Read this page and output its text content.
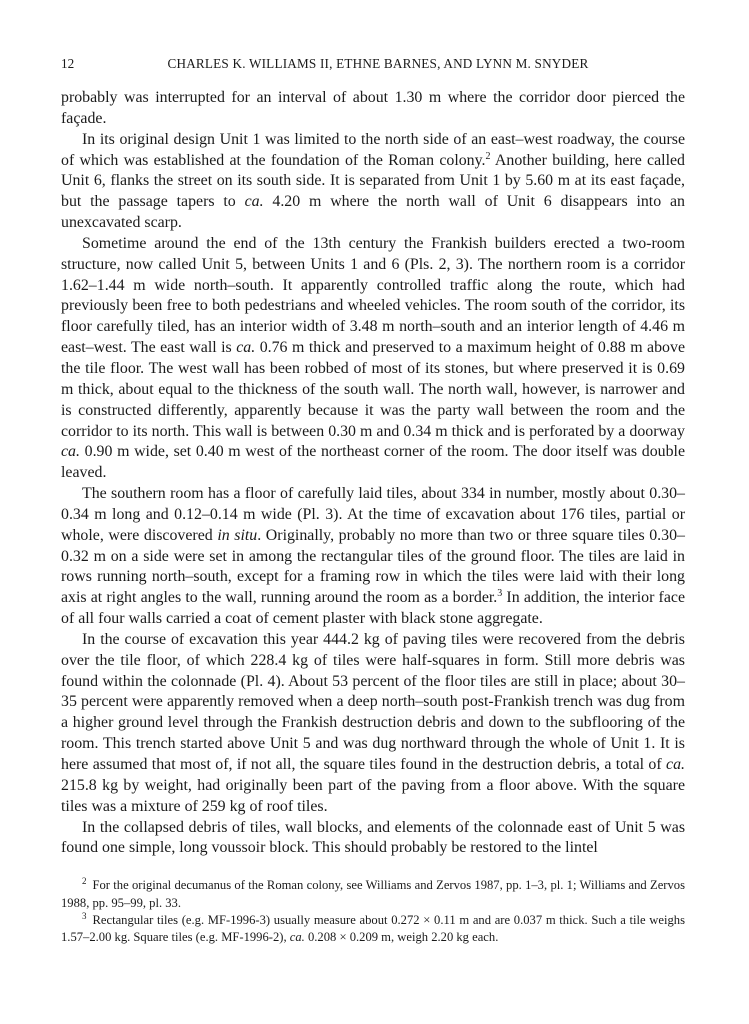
12	CHARLES K. WILLIAMS II, ETHNE BARNES, AND LYNN M. SNYDER

probably was interrupted for an interval of about 1.30 m where the corridor door pierced the façade.

In its original design Unit 1 was limited to the north side of an east–west roadway, the course of which was established at the foundation of the Roman colony.$^2$ Another building, here called Unit 6, flanks the street on its south side. It is separated from Unit 1 by 5.60 m at its east façade, but the passage tapers to ca. 4.20 m where the north wall of Unit 6 disappears into an unexcavated scarp.

Sometime around the end of the 13th century the Frankish builders erected a two-room structure, now called Unit 5, between Units 1 and 6 (Pls. 2, 3). The northern room is a corridor 1.62–1.44 m wide north–south. It apparently controlled traffic along the route, which had previously been free to both pedestrians and wheeled vehicles. The room south of the corridor, its floor carefully tiled, has an interior width of 3.48 m north–south and an interior length of 4.46 m east–west. The east wall is ca. 0.76 m thick and preserved to a maximum height of 0.88 m above the tile floor. The west wall has been robbed of most of its stones, but where preserved it is 0.69 m thick, about equal to the thickness of the south wall. The north wall, however, is narrower and is constructed differently, apparently because it was the party wall between the room and the corridor to its north. This wall is between 0.30 m and 0.34 m thick and is perforated by a doorway ca. 0.90 m wide, set 0.40 m west of the northeast corner of the room. The door itself was double leaved.

The southern room has a floor of carefully laid tiles, about 334 in number, mostly about 0.30–0.34 m long and 0.12–0.14 m wide (Pl. 3). At the time of excavation about 176 tiles, partial or whole, were discovered in situ. Originally, probably no more than two or three square tiles 0.30–0.32 m on a side were set in among the rectangular tiles of the ground floor. The tiles are laid in rows running north–south, except for a framing row in which the tiles were laid with their long axis at right angles to the wall, running around the room as a border.$^3$ In addition, the interior face of all four walls carried a coat of cement plaster with black stone aggregate.

In the course of excavation this year 444.2 kg of paving tiles were recovered from the debris over the tile floor, of which 228.4 kg of tiles were half-squares in form. Still more debris was found within the colonnade (Pl. 4). About 53 percent of the floor tiles are still in place; about 30–35 percent were apparently removed when a deep north–south post-Frankish trench was dug from a higher ground level through the Frankish destruction debris and down to the subflooring of the room. This trench started above Unit 5 and was dug northward through the whole of Unit 1. It is here assumed that most of, if not all, the square tiles found in the destruction debris, a total of ca. 215.8 kg by weight, had originally been part of the paving from a floor above. With the square tiles was a mixture of 259 kg of roof tiles.

In the collapsed debris of tiles, wall blocks, and elements of the colonnade east of Unit 5 was found one simple, long voussoir block. This should probably be restored to the lintel

$^2$ For the original decumanus of the Roman colony, see Williams and Zervos 1987, pp. 1–3, pl. 1; Williams and Zervos 1988, pp. 95–99, pl. 33.

$^3$ Rectangular tiles (e.g. MF-1996-3) usually measure about 0.272 × 0.11 m and are 0.037 m thick. Such a tile weighs 1.57–2.00 kg. Square tiles (e.g. MF-1996-2), ca. 0.208 × 0.209 m, weigh 2.20 kg each.
